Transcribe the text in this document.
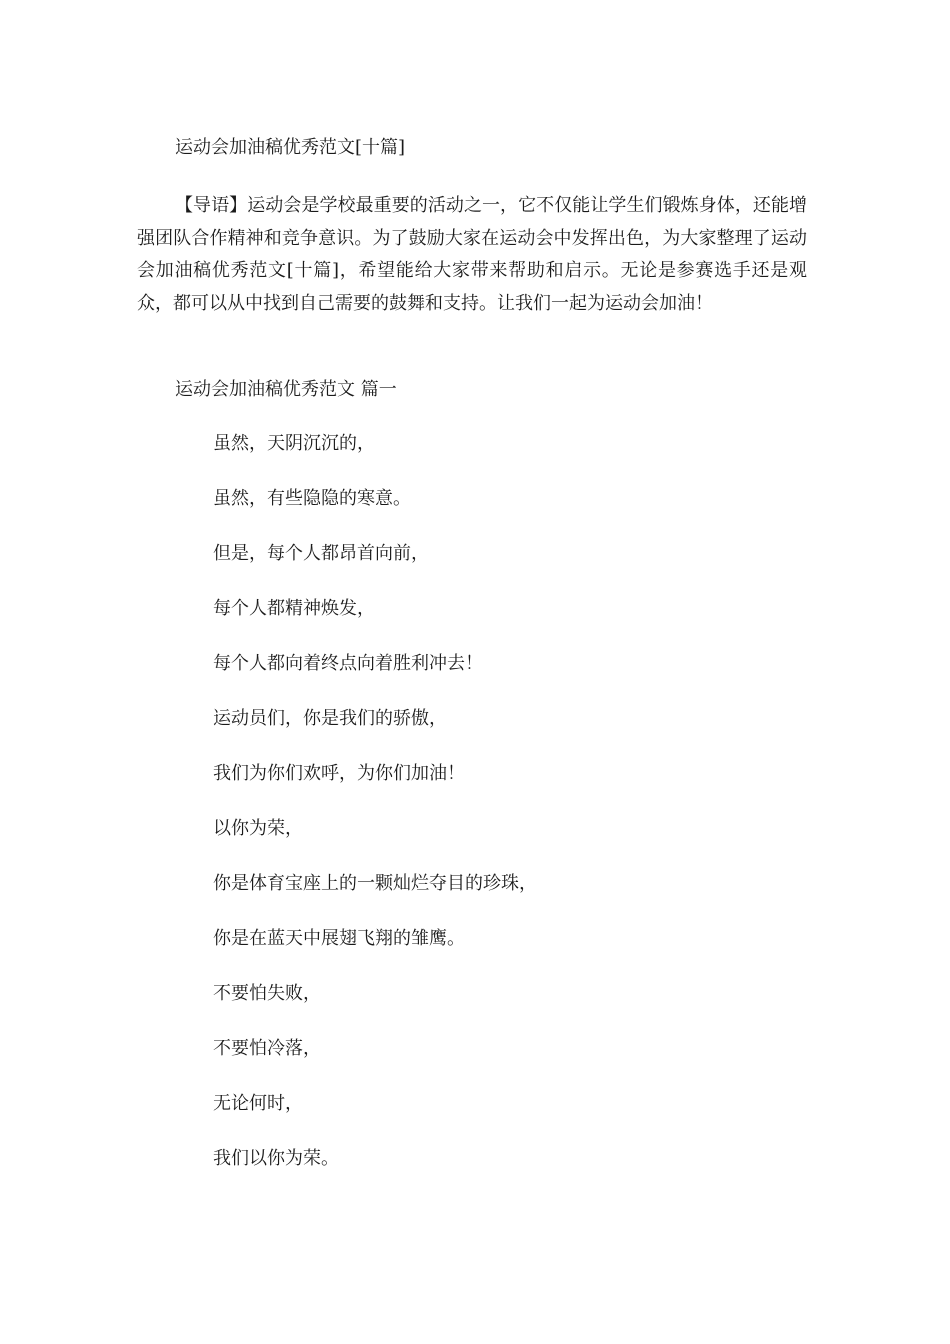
运动会加油稿优秀范文[十篇]

【导语】运动会是学校最重要的活动之一，它不仅能让学生们锻炼身体，还能增强团队合作精神和竞争意识。为了鼓励大家在运动会中发挥出色，为大家整理了运动会加油稿优秀范文[十篇]，希望能给大家带来帮助和启示。无论是参赛选手还是观众，都可以从中找到自己需要的鼓舞和支持。让我们一起为运动会加油！

运动会加油稿优秀范文 篇一
虽然，天阴沉沉的，
虽然，有些隐隐的寒意。
但是，每个人都昂首向前，
每个人都精神焕发，
每个人都向着终点向着胜利冲去！
运动员们，你是我们的骄傲，
我们为你们欢呼，为你们加油！
以你为荣，
你是体育宝座上的一颗灿烂夺目的珍珠，
你是在蓝天中展翅飞翔的雏鹰。
不要怕失败，
不要怕冷落，
无论何时，
我们以你为荣。
